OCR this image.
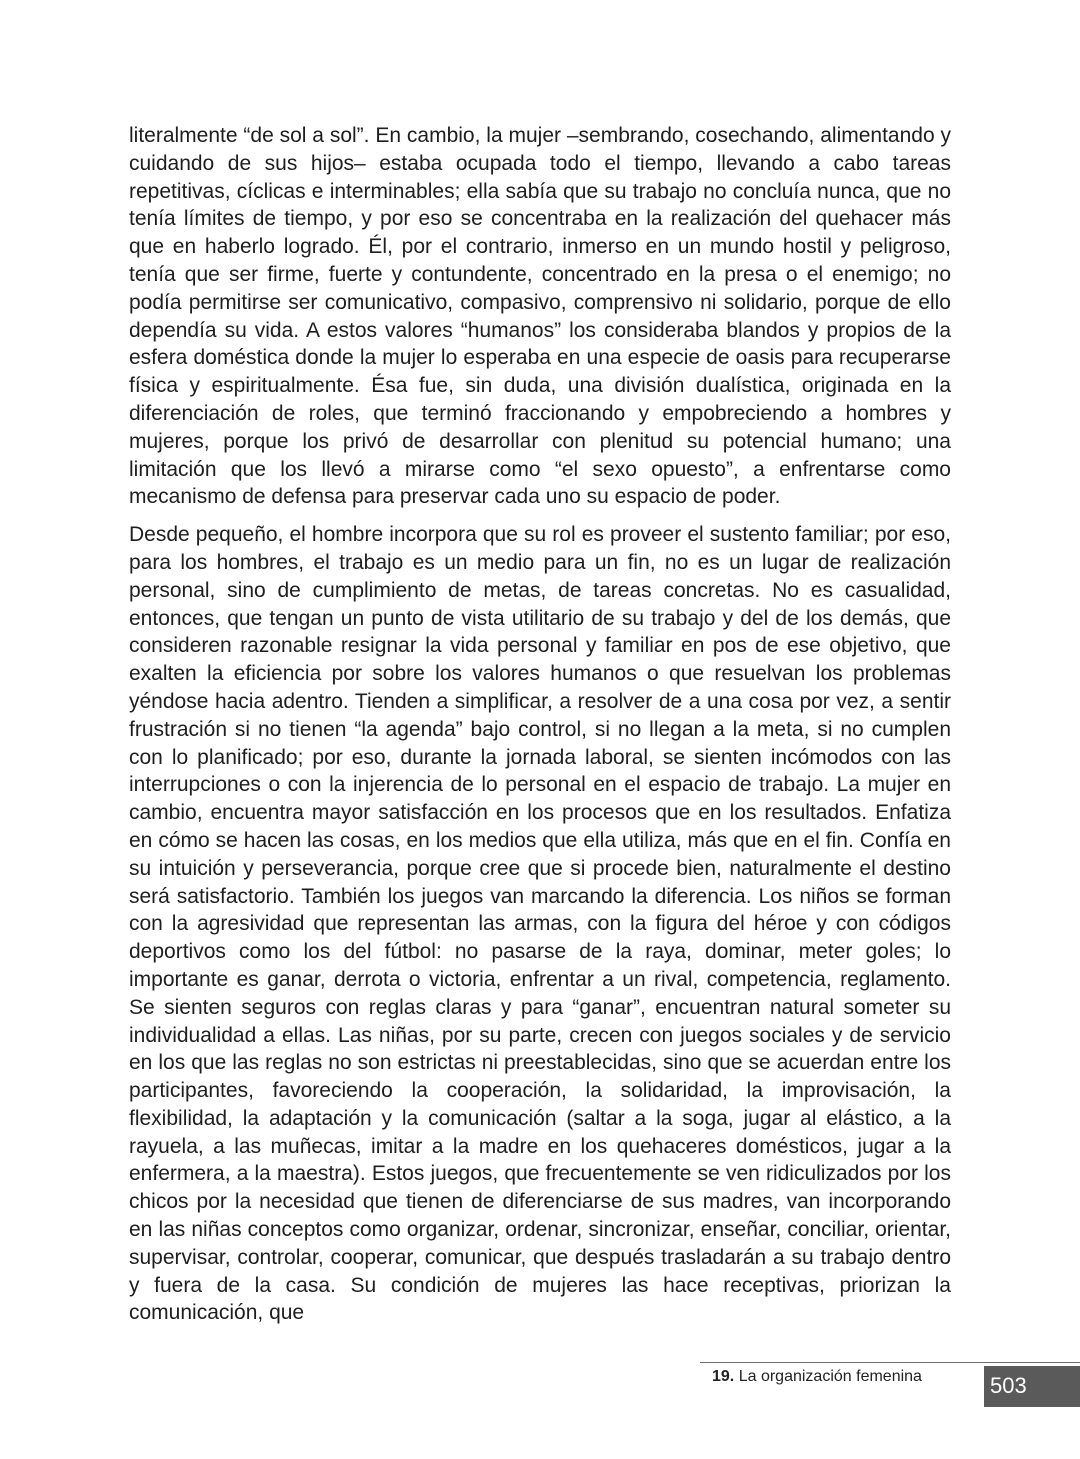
literalmente “de sol a sol”. En cambio, la mujer –sembrando, cosechando, alimentando y cuidando de sus hijos– estaba ocupada todo el tiempo, llevando a cabo tareas repetitivas, cíclicas e interminables; ella sabía que su trabajo no concluía nunca, que no tenía límites de tiempo, y por eso se concentraba en la realización del quehacer más que en haberlo logrado. Él, por el contrario, inmerso en un mundo hostil y peligroso, tenía que ser firme, fuerte y contundente, concentrado en la presa o el enemigo; no podía permitirse ser comunicativo, compasivo, comprensivo ni solidario, porque de ello dependía su vida. A estos valores “humanos” los consideraba blandos y propios de la esfera doméstica donde la mujer lo esperaba en una especie de oasis para recuperarse física y espiritualmente. Ésa fue, sin duda, una división dualística, originada en la diferenciación de roles, que terminó fraccionando y empobreciendo a hombres y mujeres, porque los privó de desarrollar con plenitud su potencial humano; una limitación que los llevó a mirarse como “el sexo opuesto”, a enfrentarse como mecanismo de defensa para preservar cada uno su espacio de poder.

Desde pequeño, el hombre incorpora que su rol es proveer el sustento familiar; por eso, para los hombres, el trabajo es un medio para un fin, no es un lugar de realización personal, sino de cumplimiento de metas, de tareas concretas. No es casualidad, entonces, que tengan un punto de vista utilitario de su trabajo y del de los demás, que consideren razonable resignar la vida personal y familiar en pos de ese objetivo, que exalten la eficiencia por sobre los valores humanos o que resuelvan los problemas yéndose hacia adentro. Tienden a simplificar, a resolver de a una cosa por vez, a sentir frustración si no tienen “la agenda” bajo control, si no llegan a la meta, si no cumplen con lo planificado; por eso, durante la jornada laboral, se sienten incómodos con las interrupciones o con la injerencia de lo personal en el espacio de trabajo. La mujer en cambio, encuentra mayor satisfacción en los procesos que en los resultados. Enfatiza en cómo se hacen las cosas, en los medios que ella utiliza, más que en el fin. Confía en su intuición y perseverancia, porque cree que si procede bien, naturalmente el destino será satisfactorio. También los juegos van marcando la diferencia. Los niños se forman con la agresividad que representan las armas, con la figura del héroe y con códigos deportivos como los del fútbol: no pasarse de la raya, dominar, meter goles; lo importante es ganar, derrota o victoria, enfrentar a un rival, competencia, reglamento. Se sienten seguros con reglas claras y para “ganar”, encuentran natural someter su individualidad a ellas. Las niñas, por su parte, crecen con juegos sociales y de servicio en los que las reglas no son estrictas ni preestablecidas, sino que se acuerdan entre los participantes, favoreciendo la cooperación, la solidaridad, la improvisación, la flexibilidad, la adaptación y la comunicación (saltar a la soga, jugar al elástico, a la rayuela, a las muñecas, imitar a la madre en los quehaceres domésticos, jugar a la enfermera, a la maestra). Estos juegos, que frecuentemente se ven ridiculizados por los chicos por la necesidad que tienen de diferenciarse de sus madres, van incorporando en las niñas conceptos como organizar, ordenar, sincronizar, enseñar, conciliar, orientar, supervisar, controlar, cooperar, comunicar, que después trasladarán a su trabajo dentro y fuera de la casa. Su condición de mujeres las hace receptivas, priorizan la comunicación, que

19. La organización femenina	503
